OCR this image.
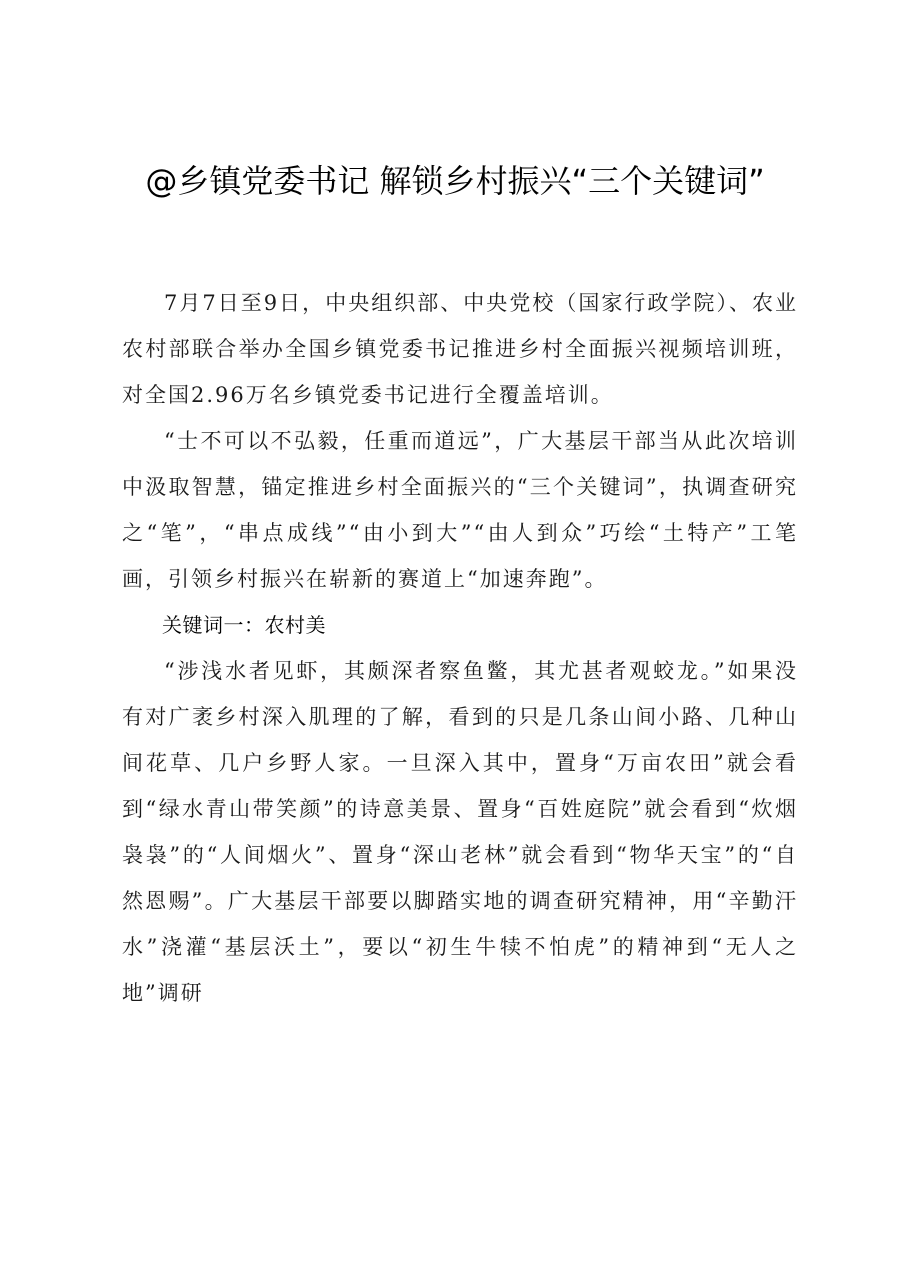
@乡镇党委书记 解锁乡村振兴“三个关键词”

7月7日至9日，中央组织部、中央党校（国家行政学院）、农业农村部联合举办全国乡镇党委书记推进乡村全面振兴视频培训班，对全国2.96万名乡镇党委书记进行全覆盖培训。

“士不可以不弘毅，任重而道远”，广大基层干部当从此次培训中汲取智慧，锚定推进乡村全面振兴的“三个关键词”，执调查研究之“笔”，“串点成线”“由小到大”“由人到众”巧绘“土特产”工笔画，引领乡村振兴在崭新的赛道上“加速奔跑”。

关键词一：农村美

“涉浅水者见虾，其颇深者察鱼鳖，其尤甚者观蛟龙。”如果没有对广袤乡村深入肌理的了解，看到的只是几条山间小路、几种山间花草、几户乡野人家。一旦深入其中，置身“万亩农田”就会看到“绿水青山带笑颜”的诗意美景、置身“百姓庭院”就会看到“炊烟袅袅”的“人间烟火”、置身“深山老林”就会看到“物华天宝”的“自然恩赐”。广大基层干部要以脚踏实地的调查研究精神，用“辛勤汗水”浇灌“基层沃土”，要以“初生牛犊不怕虎”的精神到“无人之地”调研
